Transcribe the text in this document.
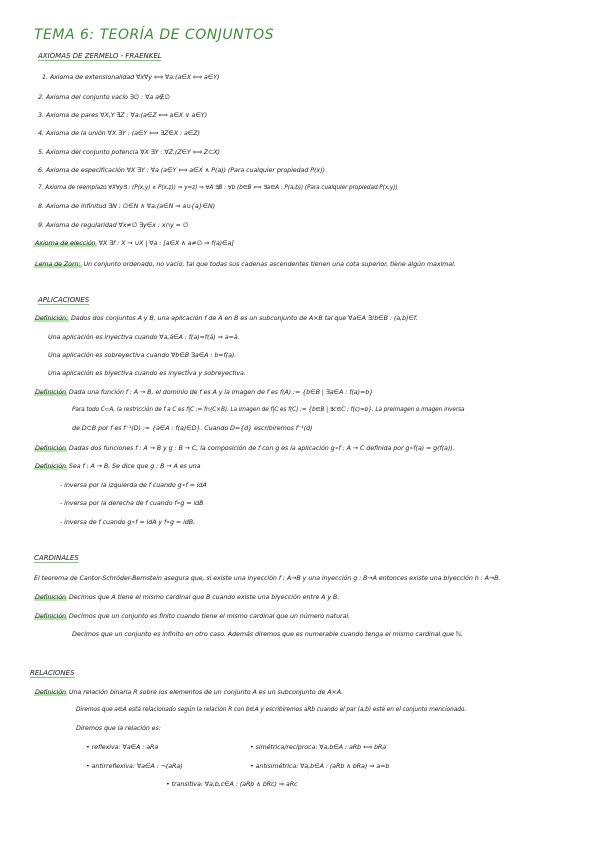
TEMA 6: TEORÍA DE CONJUNTOS
AXIOMAS DE ZERMELO - FRAENKEL
1. Axioma de extensionalidad ∀x∀y ⟺ ∀a:(a∈X ⟺ a∈Y)
2. Axioma del conjunto vacío ∃∅ : ∀a a∉∅
3. Axioma de pares ∀X,Y ∃Z : ∀a:(a∈Z ⟺ a∈X ∨ a∈Y)
4. Axioma de la unión ∀X ∃Y : (a∈Y ⟺ ∃Z∈X : a∈Z)
5. Axioma del conjunto potencia ∀X ∃Y : ∀Z,(Z∈Y ⟺ Z⊂X)
6. Axioma de especificación ∀X ∃Y : ∀a (a∈Y ⟺ a∈X ∧ P(a)) (Para cualquier propiedad P(x))
7. Axioma de reemplazo ∀X∀y∃ : (P(x,y) ∧ P(x,z)) ⇒ y=z) ⇒ ∀A ∃B : ∀b (b∈B ⟺ ∃a∈A : P(a,b)) (Para cualquier propiedad P(x,y))
8. Axioma de infinitud ∃N : ∅∈N ∧ ∀a:(a∈N ⇒ a∪{a}∈N)
9. Axioma de regularidad ∀x≠∅ ∃y∈x : x∩y = ∅
Axioma de elección ∀X ∃f : X → ∪X | ∀a : [a∈X ∧ a≠∅ ⇒ f(a)∈a]
Lema de Zorn: Un conjunto ordenado, no vacío, tal que todas sus cadenas ascendentes tienen una cota superior, tiene algún maximal.
APLICACIONES
Definición: Dados dos conjuntos A y B, una aplicación f de A en B es un subconjunto de A×B tal que ∀a∈A ∃!b∈B : (a,b)∈f.
Una aplicación es inyectiva cuando ∀a,ã∈A : f(a)=f(ã) ⇒ a=ã.
Una aplicación es sobreyectiva cuando ∀b∈B ∃a∈A : b=f(a).
Una aplicación es biyectiva cuando es inyectiva y sobreyectiva.
Definición Dada una función f : A → B, el dominio de f es A y la imagen de f es f(A) := {b∈B | ∃a∈A : f(a)=b}
Para todo C⊂A, la restricción de f a C es f|C := f∩(C×B). La imagen de f|C es f(C) := {b∈B | ∃c∈C : f(c)=b}. La preimagen o imagen inversa
de D⊂B por f es f⁻¹(D) := {a∈A : f(a)∈D}. Cuando D={d} escribiremos f⁻¹(d)
Definición Dadas dos funciones f : A → B y g : B → C, la composición de f con g es la aplicación g∘f : A → C definida por g∘f(a) = g(f(a)).
Definición Sea f : A → B. Se dice que g : B → A es una
- inversa por la izquierda de f cuando g∘f = idA
- inversa por la derecha de f cuando f∘g = idB
- inversa de f cuando g∘f = idA y f∘g = idB.
CARDINALES
El teorema de Cantor-Schröder-Bernstein asegura que, si existe una inyección f : A→B y una inyección g : B→A entonces existe una biyección h : A→B.
Definición Decimos que A tiene el mismo cardinal que B cuando existe una biyección entre A y B.
Definición Decimos que un conjunto es finito cuando tiene el mismo cardinal que un número natural.
Decimos que un conjunto es infinito en otro caso. Además diremos que es numerable cuando tenga el mismo cardinal que ℕ.
RELACIONES
Definición Una relación binaria R sobre los elementos de un conjunto A es un subconjunto de A×A.
Diremos que a∈A está relacionado según la relación R con b∈A y escribiremos aRb cuando el par (a,b) esté en el conjunto mencionado.
Diremos que la relación es:
• reflexiva: ∀a∈A : aRa	• simétrica/recíproca: ∀a,b∈A : aRb ⟺ bRa
• antirreflexiva: ∀a∈A : ¬(aRa)	• antisimétrica: ∀a,b∈A : (aRb ∧ bRa) ⇒ a=b
• transitiva: ∀a,b,c∈A : (aRb ∧ bRc) ⇒ aRc
